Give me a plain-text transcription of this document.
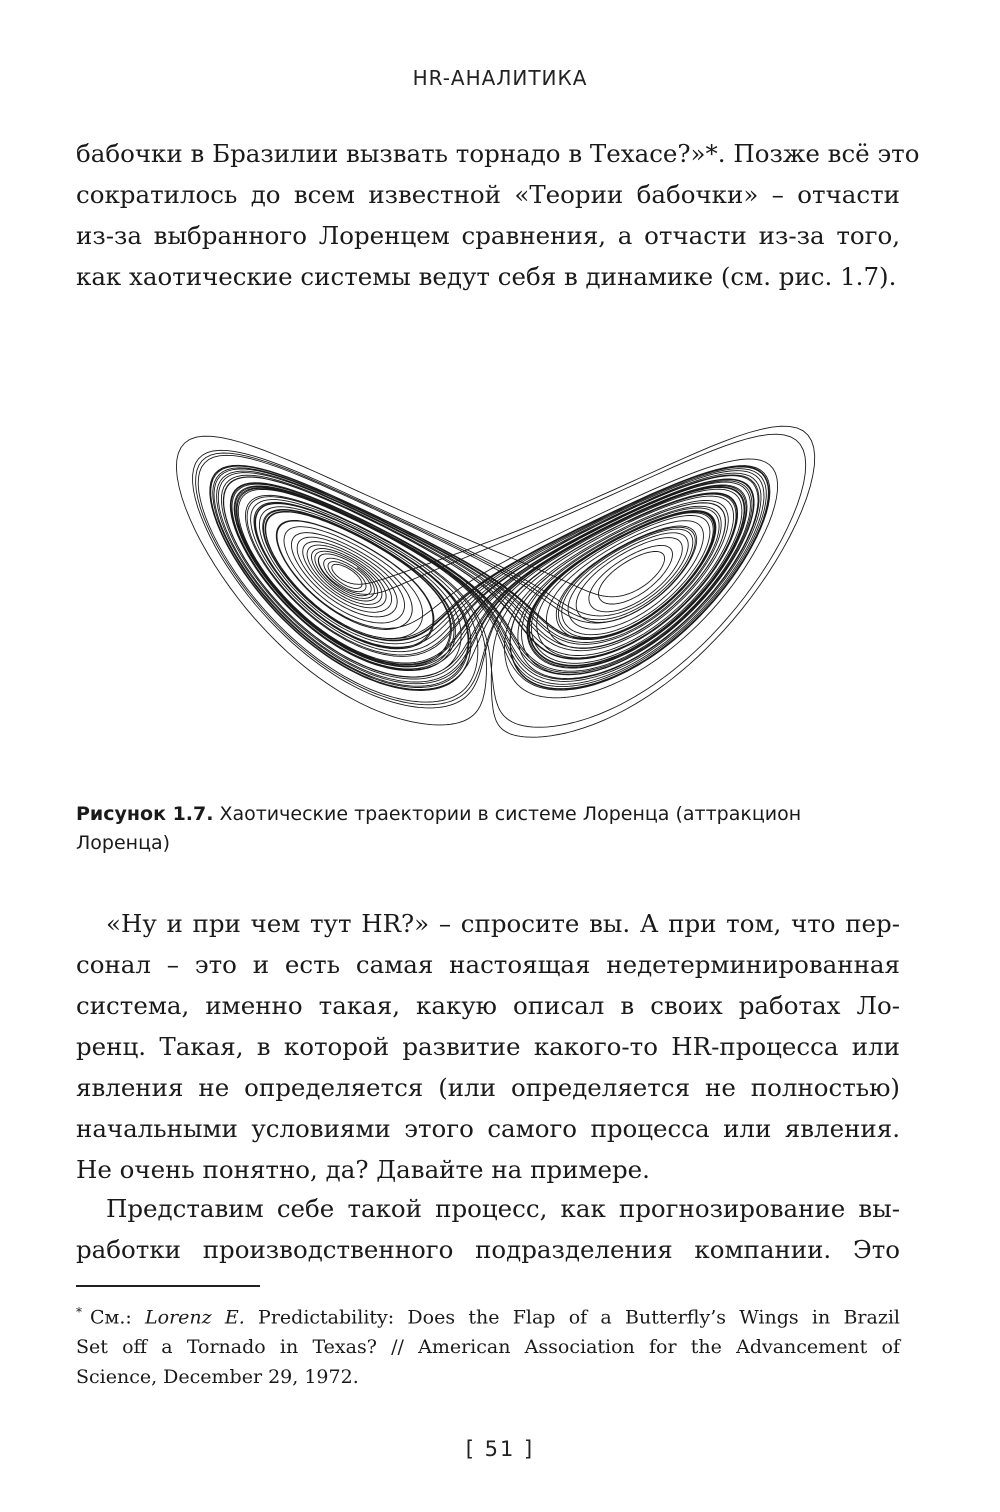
HR-АНАЛИТИКА
бабочки в Бразилии вызвать торнадо в Техасе?»*. Позже всё это
сократилось до всем известной «Теории бабочки» – отчасти
из-за выбранного Лоренцем сравнения, а отчасти из-за того,
как хаотические системы ведут себя в динамике (см. рис. 1.7).
Рисунок 1.7. Хаотические траектории в системе Лоренца (аттракцион
Лоренца)
«Ну и при чем тут HR?» – спросите вы. А при том, что пер-
сонал – это и есть самая настоящая недетерминированная
система, именно такая, какую описал в своих работах Ло-
ренц. Такая, в которой развитие какого-то HR-процесса или
явления не определяется (или определяется не полностью)
начальными условиями этого самого процесса или явления.
Не очень понятно, да? Давайте на примере.
Представим себе такой процесс, как прогнозирование вы-
работки производственного подразделения компании. Это
* См.: Lorenz E. Predictability: Does the Flap of a Butterfly’s Wings in Brazil
Set off a Tornado in Texas? // American Association for the Advancement of
Science, December 29, 1972.
[ 51 ]
